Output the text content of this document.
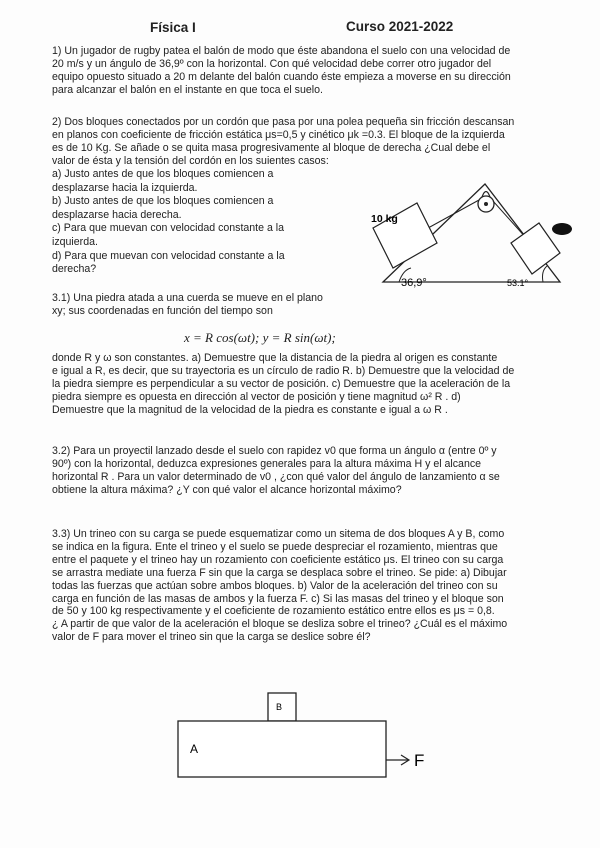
Física I	Curso 2021-2022
1) Un jugador de rugby patea el balón de modo que éste abandona el suelo con una velocidad de
20 m/s y un ángulo de 36,9º con la horizontal. Con qué velocidad debe correr otro jugador del
equipo opuesto situado a 20 m delante del balón cuando éste empieza a moverse en su dirección
para alcanzar el balón en el instante en que toca el suelo.
2) Dos bloques conectados por un cordón que pasa por una polea pequeña sin fricción descansan
en planos con coeficiente de fricción estática μs=0,5 y cinético μk =0.3. El bloque de la izquierda
es de 10 Kg. Se añade o se quita masa progresivamente al bloque de derecha ¿Cual debe el
valor de ésta y la tensión del cordón en los suientes casos:
a) Justo antes de que los bloques comiencen a
desplazarse hacia la izquierda.
b) Justo antes de que los bloques comiencen a
desplazarse hacia derecha.
c) Para que muevan con velocidad constante a la
izquierda.
d) Para que muevan con velocidad constante a la
derecha?
10 kg
36,9°	53.1°
3.1) Una piedra atada a una cuerda se mueve en el plano
xy; sus coordenadas en función del tiempo son
x = R cos(ωt); y = R sin(ωt);
donde R y ω son constantes. a) Demuestre que la distancia de la piedra al origen es constante
e igual a R, es decir, que su trayectoria es un círculo de radio R. b) Demuestre que la velocidad de
la piedra siempre es perpendicular a su vector de posición. c) Demuestre que la aceleración de la
piedra siempre es opuesta en dirección al vector de posición y tiene magnitud ω² R . d)
Demuestre que la magnitud de la velocidad de la piedra es constante e igual a ω R .
3.2) Para un proyectil lanzado desde el suelo con rapidez v0 que forma un ángulo α (entre 0º y
90º) con la horizontal, deduzca expresiones generales para la altura máxima H y el alcance
horizontal R . Para un valor determinado de v0 , ¿con qué valor del ángulo de lanzamiento α se
obtiene la altura máxima? ¿Y con qué valor el alcance horizontal máximo?
3.3) Un trineo con su carga se puede esquematizar como un sitema de dos bloques A y B, como
se indica en la figura. Ente el trineo y el suelo se puede despreciar el rozamiento, mientras que
entre el paquete y el trineo hay un rozamiento con coeficiente estático μs. El trineo con su carga
se arrastra mediate una fuerza F sin que la carga se desplaca sobre el trineo. Se pide: a) Dibujar
todas las fuerzas que actúan sobre ambos bloques. b) Valor de la aceleración del trineo con su
carga en función de las masas de ambos y la fuerza F. c) Si las masas del trineo y el bloque son
de 50 y 100 kg respectivamente y el coeficiente de rozamiento estático entre ellos es μs = 0,8.
¿ A partir de que valor de la aceleración el bloque se desliza sobre el trineo? ¿Cuál es el máximo
valor de F para mover el trineo sin que la carga se deslice sobre él?
B
A
F
